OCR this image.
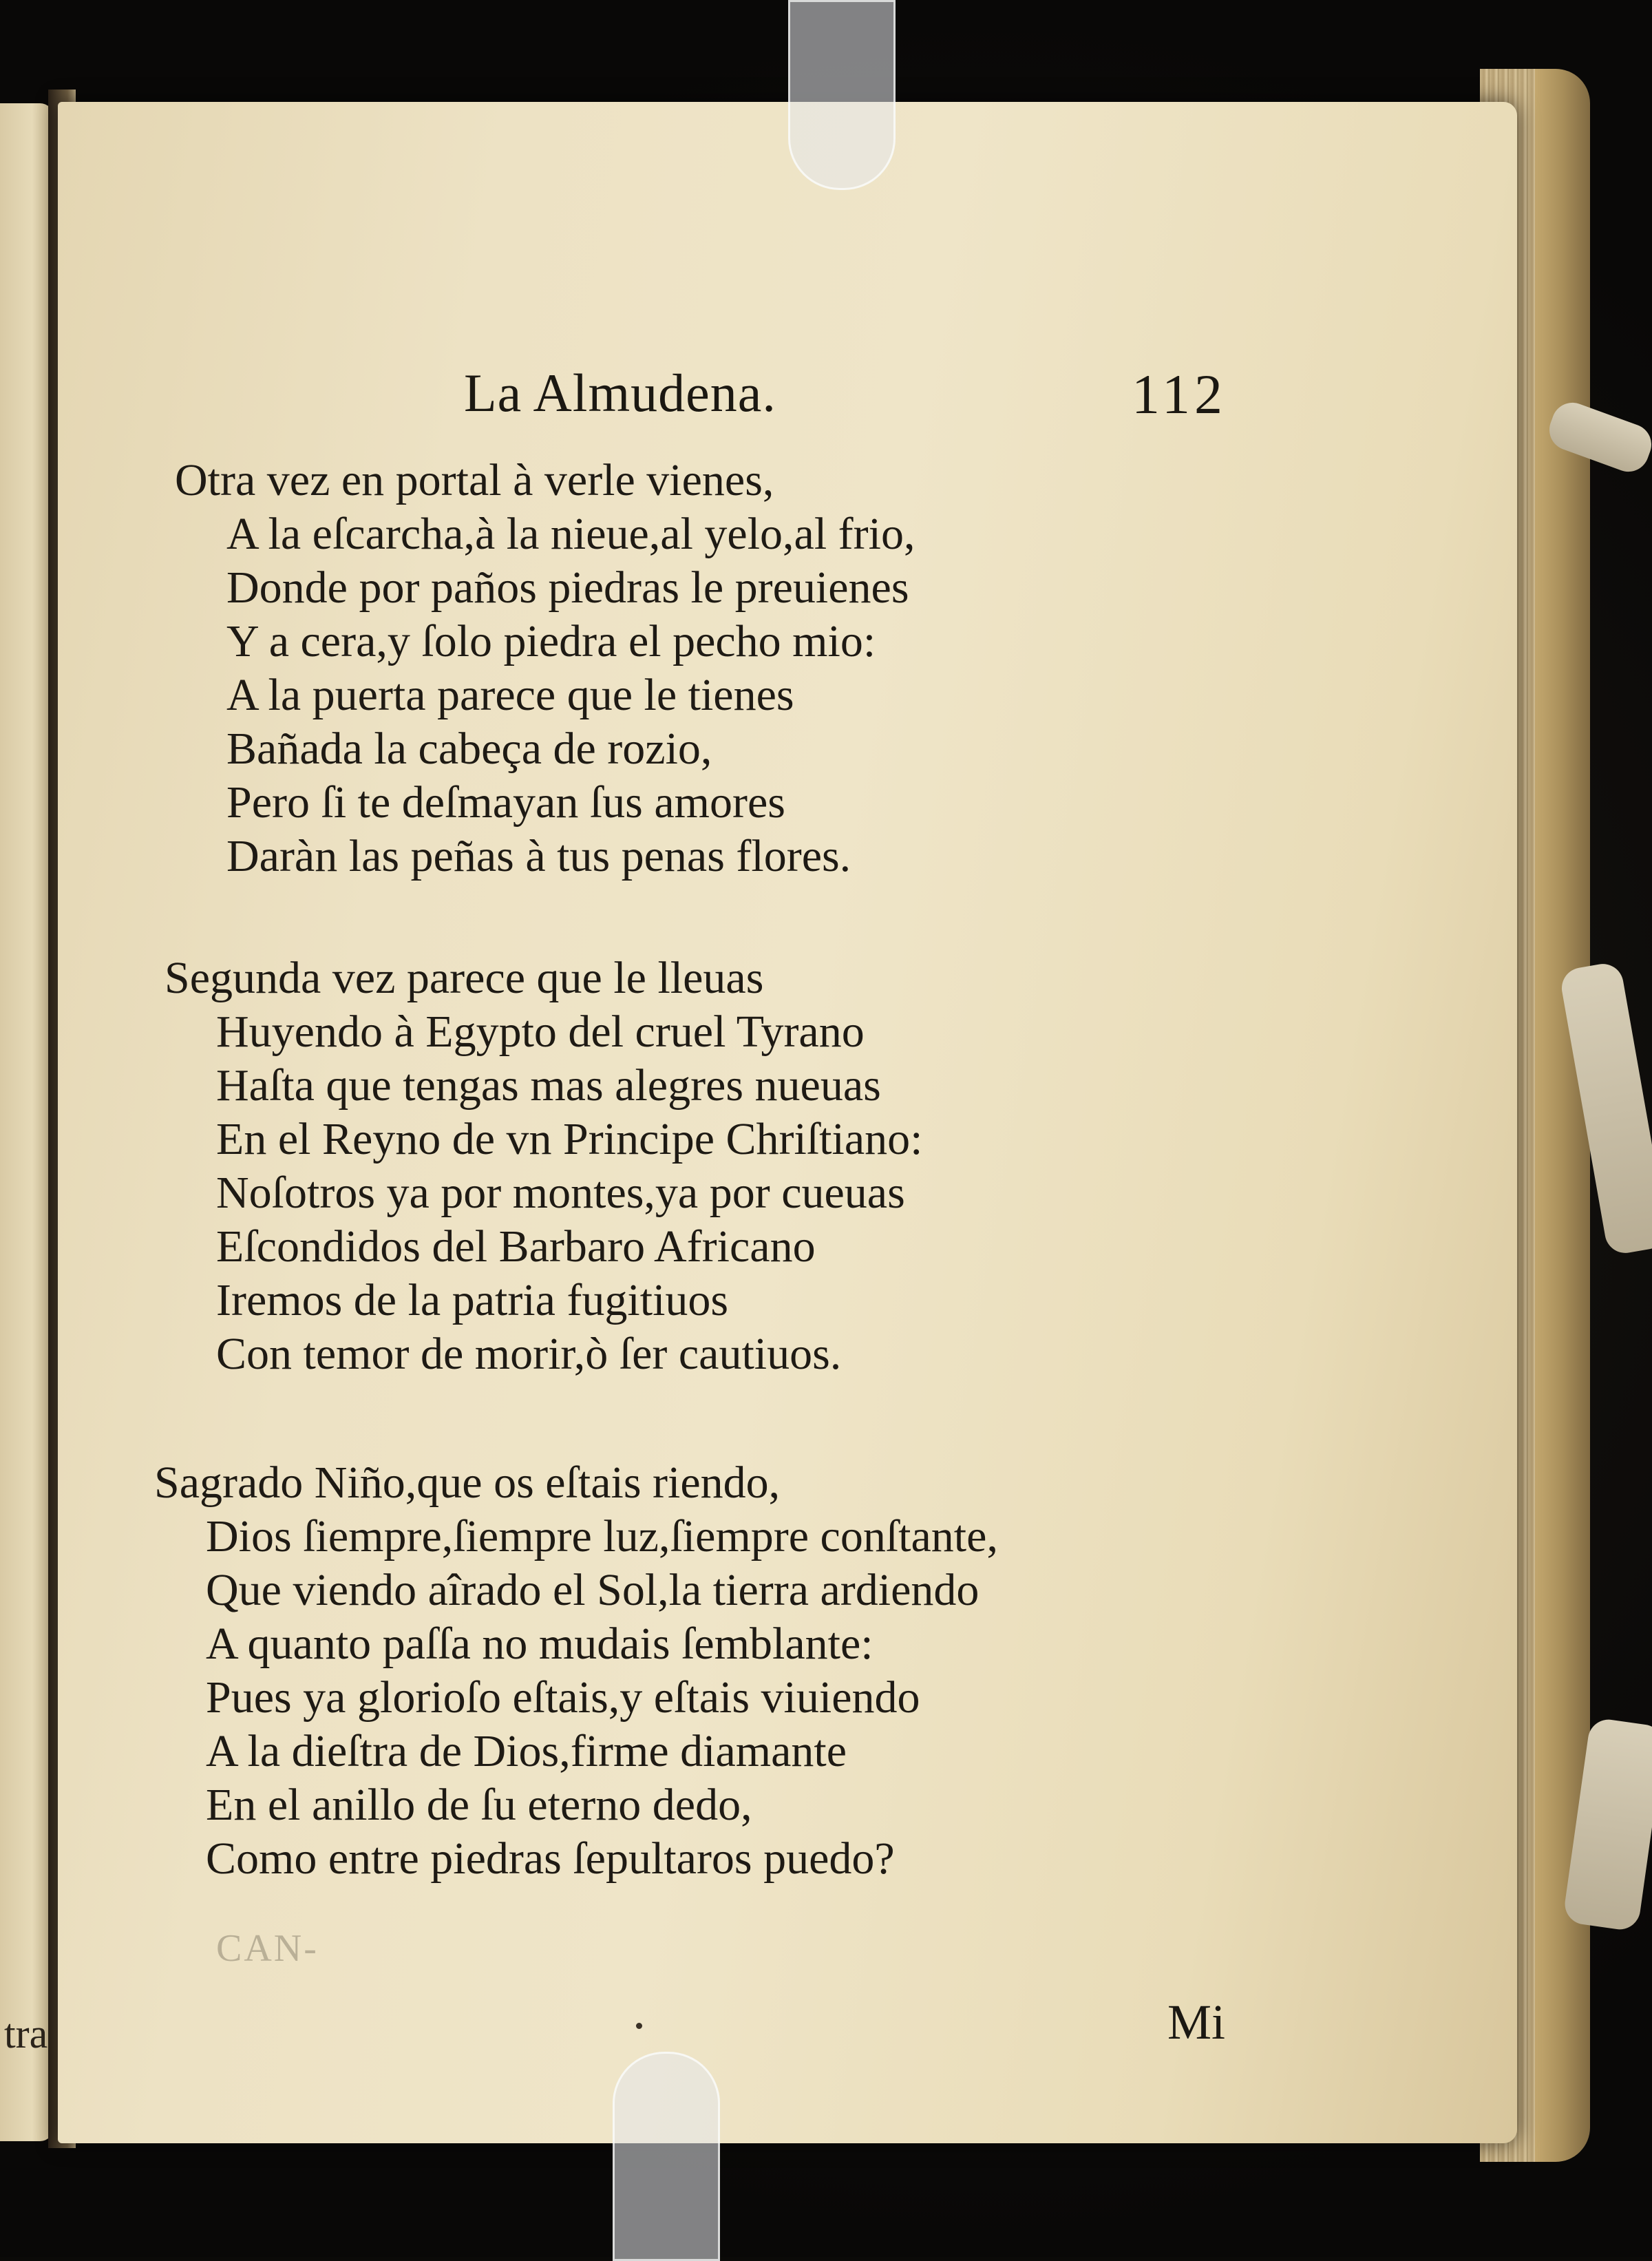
tra
La Almudena.	112
Otra vez en portal à verle vienes,
A la eſcarcha,à la nieue,al yelo,al frio,
Donde por paños piedras le preuienes
Y a cera,y ſolo piedra el pecho mio:
A la puerta parece que le tienes
Bañada la cabeça de rozio,
Pero ſi te deſmayan ſus amores
Daràn las peñas à tus penas flores.
Segunda vez parece que le lleuas
Huyendo à Egypto del cruel Tyrano
Haſta que tengas mas alegres nueuas
En el Reyno de vn Principe Chriſtiano:
Noſotros ya por montes,ya por cueuas
Eſcondidos del Barbaro Africano
Iremos de la patria fugitiuos
Con temor de morir,ò ſer cautiuos.
Sagrado Niño,que os eſtais riendo,
Dios ſiempre,ſiempre luz,ſiempre conſtante,
Que viendo aîrado el Sol,la tierra ardiendo
A quanto paſſa no mudais ſemblante:
Pues ya glorioſo eſtais,y eſtais viuiendo
A la dieſtra de Dios,firme diamante
En el anillo de ſu eterno dedo,
Como entre piedras ſepultaros puedo?
CAN-
Mi
